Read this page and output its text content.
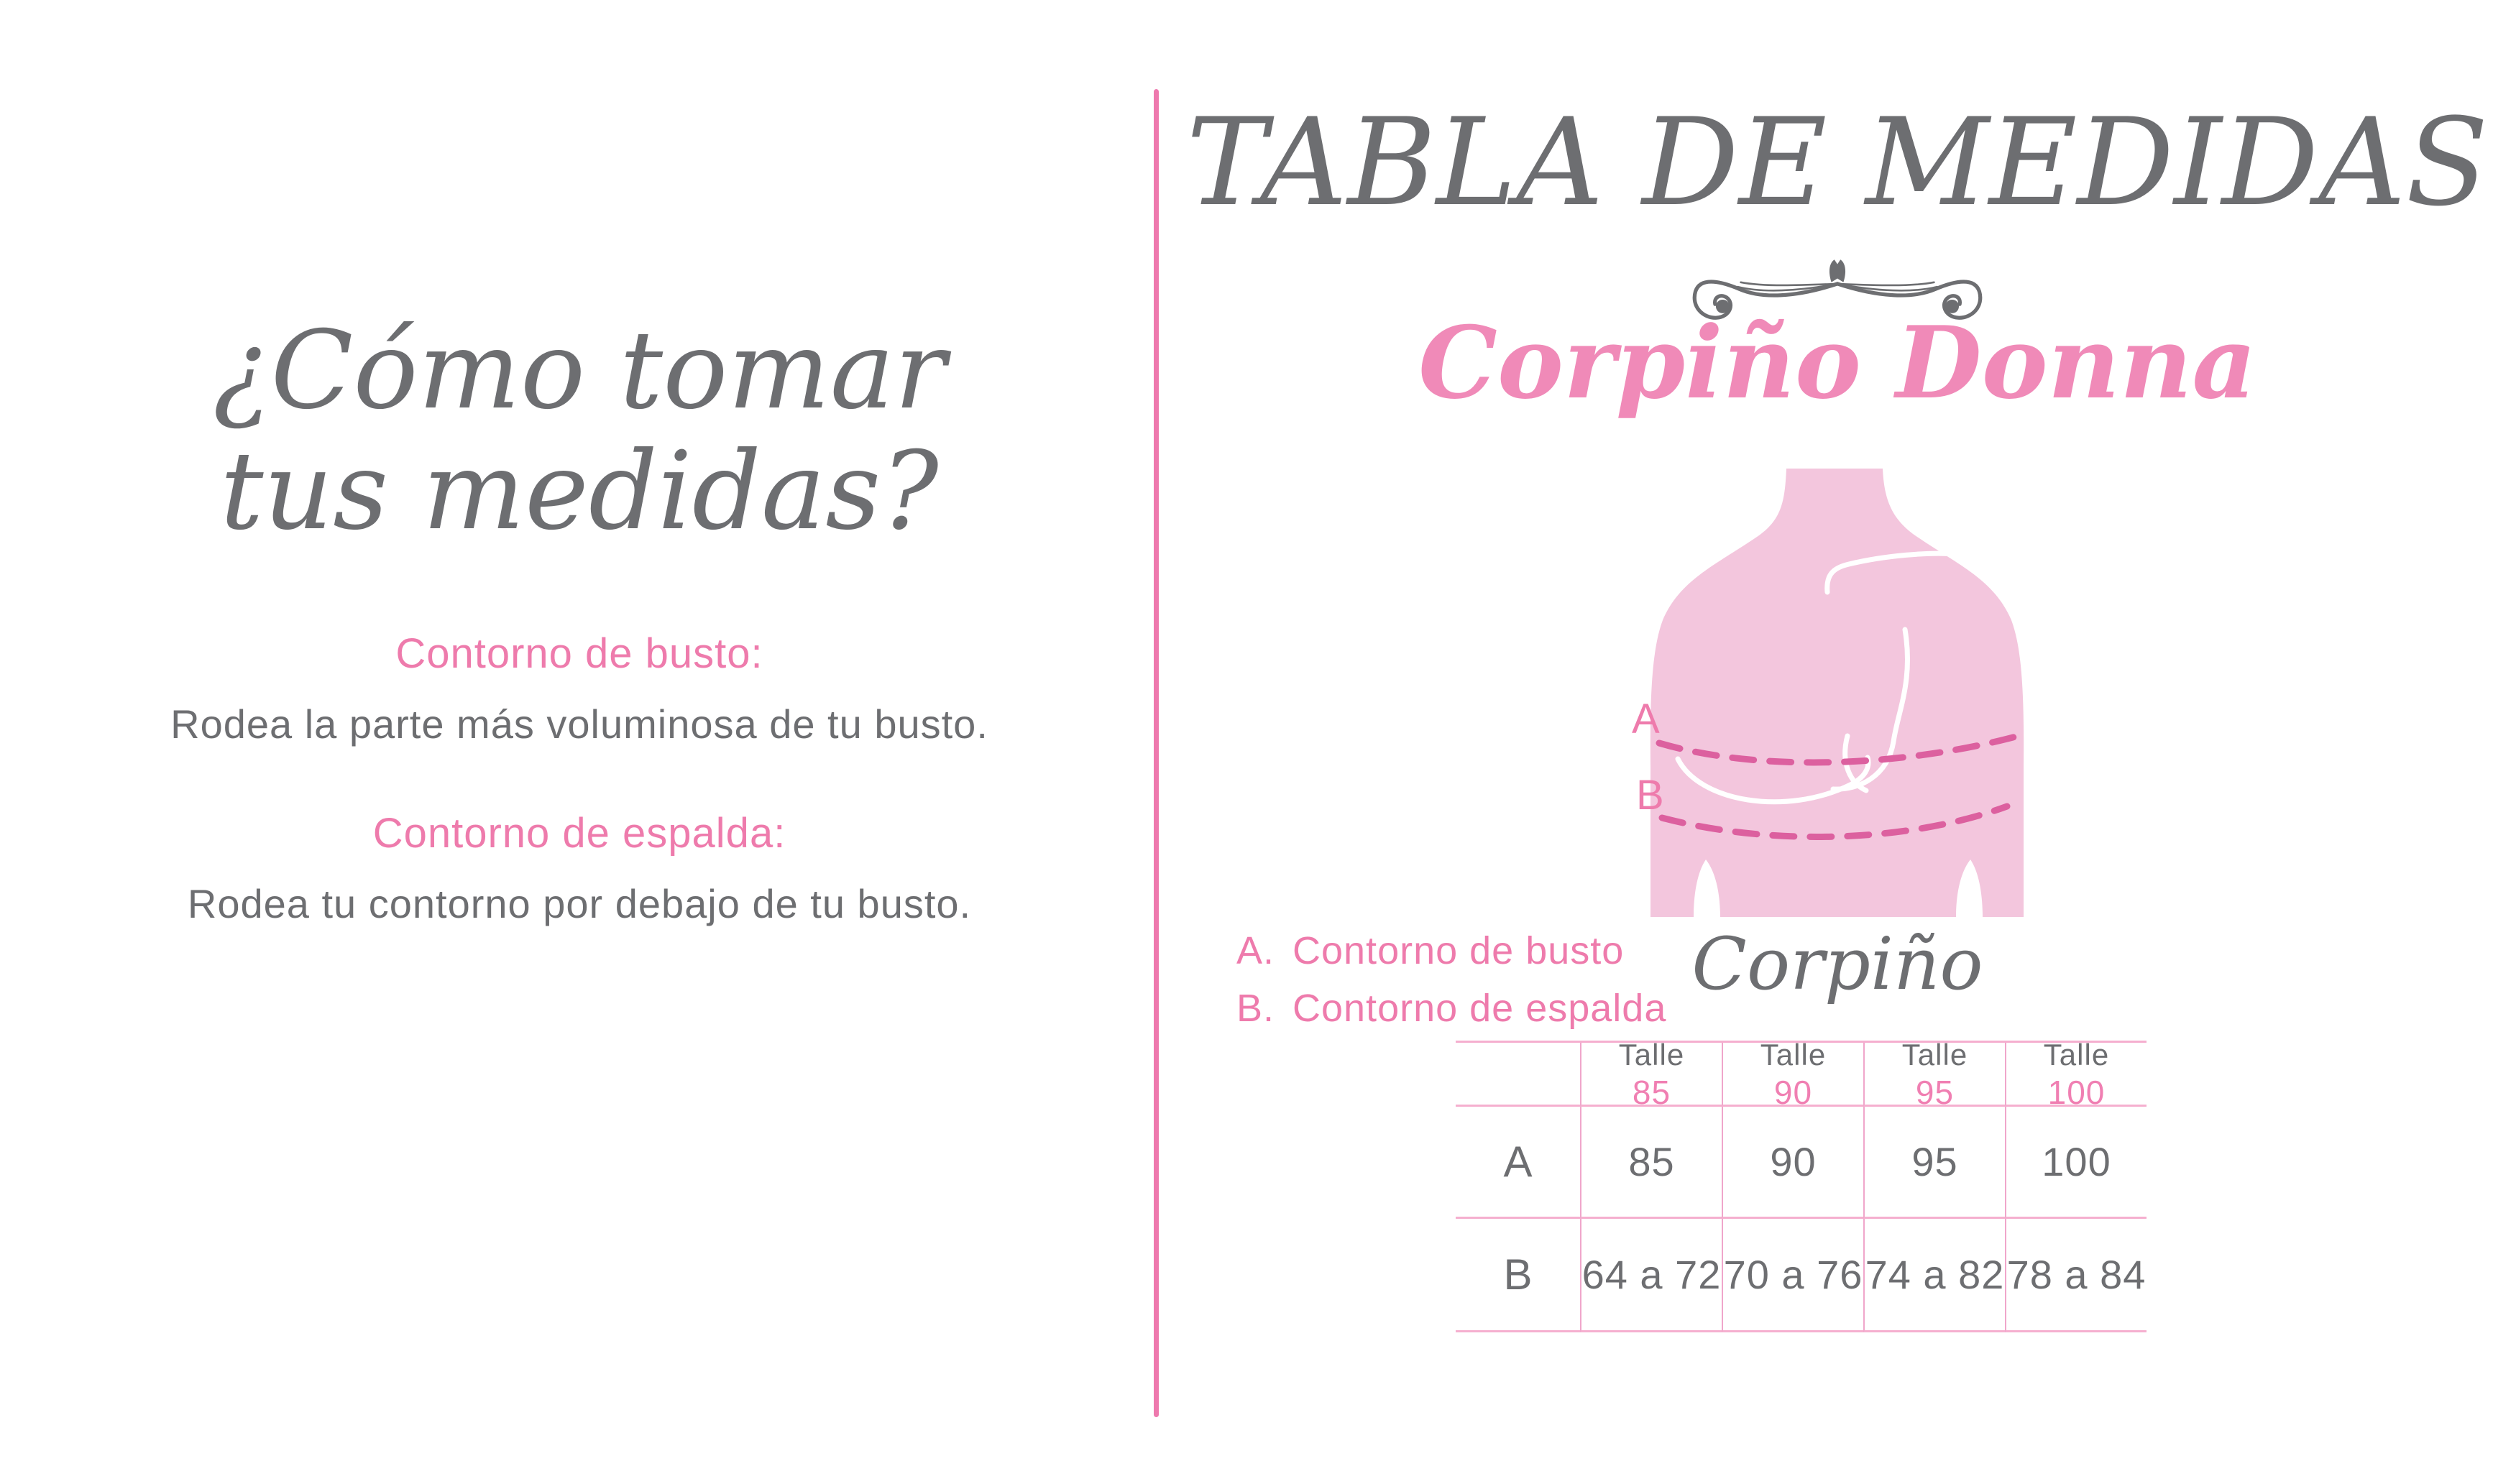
¿Cómo tomar
tus medidas?
Contorno de busto:
Rodea la parte más voluminosa de tu busto.
Contorno de espalda:
Rodea tu contorno por debajo de tu busto.
TABLA DE MEDIDAS
Corpiño Donna
A
B
A. Contorno de busto
B. Contorno de espalda
Corpiño
Talle
85
Talle
90
Talle
95
Talle
100
A 85 90 95 100
B 64 a 72 70 a 76 74 a 82 78 a 84
